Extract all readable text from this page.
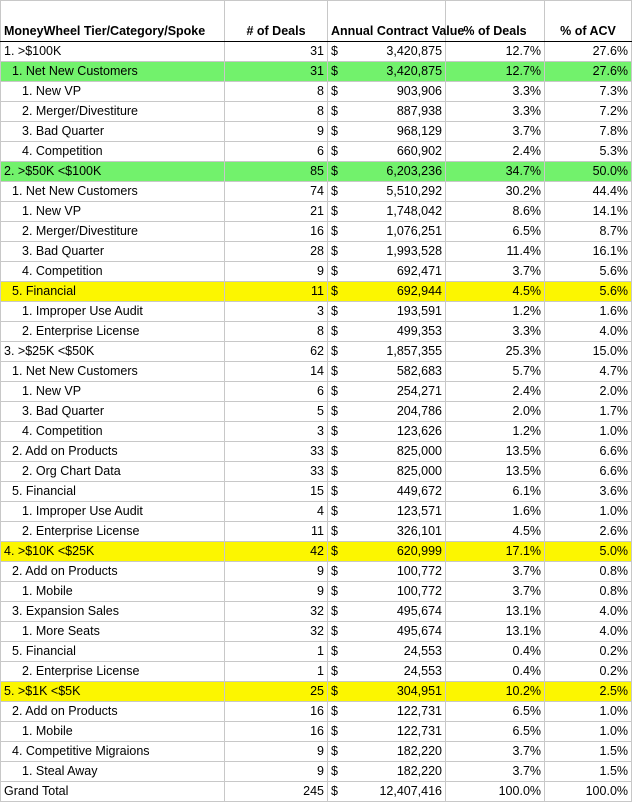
MoneyWheel Tier/Category/Spoke	# of Deals	Annual Contract Value		% of Deals	% of ACV
1. >$100K	31	$	3,420,875	12.7%	27.6%
1. Net New Customers	31	$	3,420,875	12.7%	27.6%
1. New VP	8	$	903,906	3.3%	7.3%
2. Merger/Divestiture	8	$	887,938	3.3%	7.2%
3. Bad Quarter	9	$	968,129	3.7%	7.8%
4. Competition	6	$	660,902	2.4%	5.3%
2. >$50K <$100K	85	$	6,203,236	34.7%	50.0%
1. Net New Customers	74	$	5,510,292	30.2%	44.4%
1. New VP	21	$	1,748,042	8.6%	14.1%
2. Merger/Divestiture	16	$	1,076,251	6.5%	8.7%
3. Bad Quarter	28	$	1,993,528	11.4%	16.1%
4. Competition	9	$	692,471	3.7%	5.6%
5. Financial	11	$	692,944	4.5%	5.6%
1. Improper Use Audit	3	$	193,591	1.2%	1.6%
2. Enterprise License	8	$	499,353	3.3%	4.0%
3. >$25K <$50K	62	$	1,857,355	25.3%	15.0%
1. Net New Customers	14	$	582,683	5.7%	4.7%
1. New VP	6	$	254,271	2.4%	2.0%
3. Bad Quarter	5	$	204,786	2.0%	1.7%
4. Competition	3	$	123,626	1.2%	1.0%
2. Add on Products	33	$	825,000	13.5%	6.6%
2. Org Chart Data	33	$	825,000	13.5%	6.6%
5. Financial	15	$	449,672	6.1%	3.6%
1. Improper Use Audit	4	$	123,571	1.6%	1.0%
2. Enterprise License	11	$	326,101	4.5%	2.6%
4. >$10K <$25K	42	$	620,999	17.1%	5.0%
2. Add on Products	9	$	100,772	3.7%	0.8%
1. Mobile	9	$	100,772	3.7%	0.8%
3. Expansion Sales	32	$	495,674	13.1%	4.0%
1. More Seats	32	$	495,674	13.1%	4.0%
5. Financial	1	$	24,553	0.4%	0.2%
2. Enterprise License	1	$	24,553	0.4%	0.2%
5. >$1K <$5K	25	$	304,951	10.2%	2.5%
2. Add on Products	16	$	122,731	6.5%	1.0%
1. Mobile	16	$	122,731	6.5%	1.0%
4. Competitive Migraions	9	$	182,220	3.7%	1.5%
1. Steal Away	9	$	182,220	3.7%	1.5%
Grand Total	245	$	12,407,416	100.0%	100.0%
